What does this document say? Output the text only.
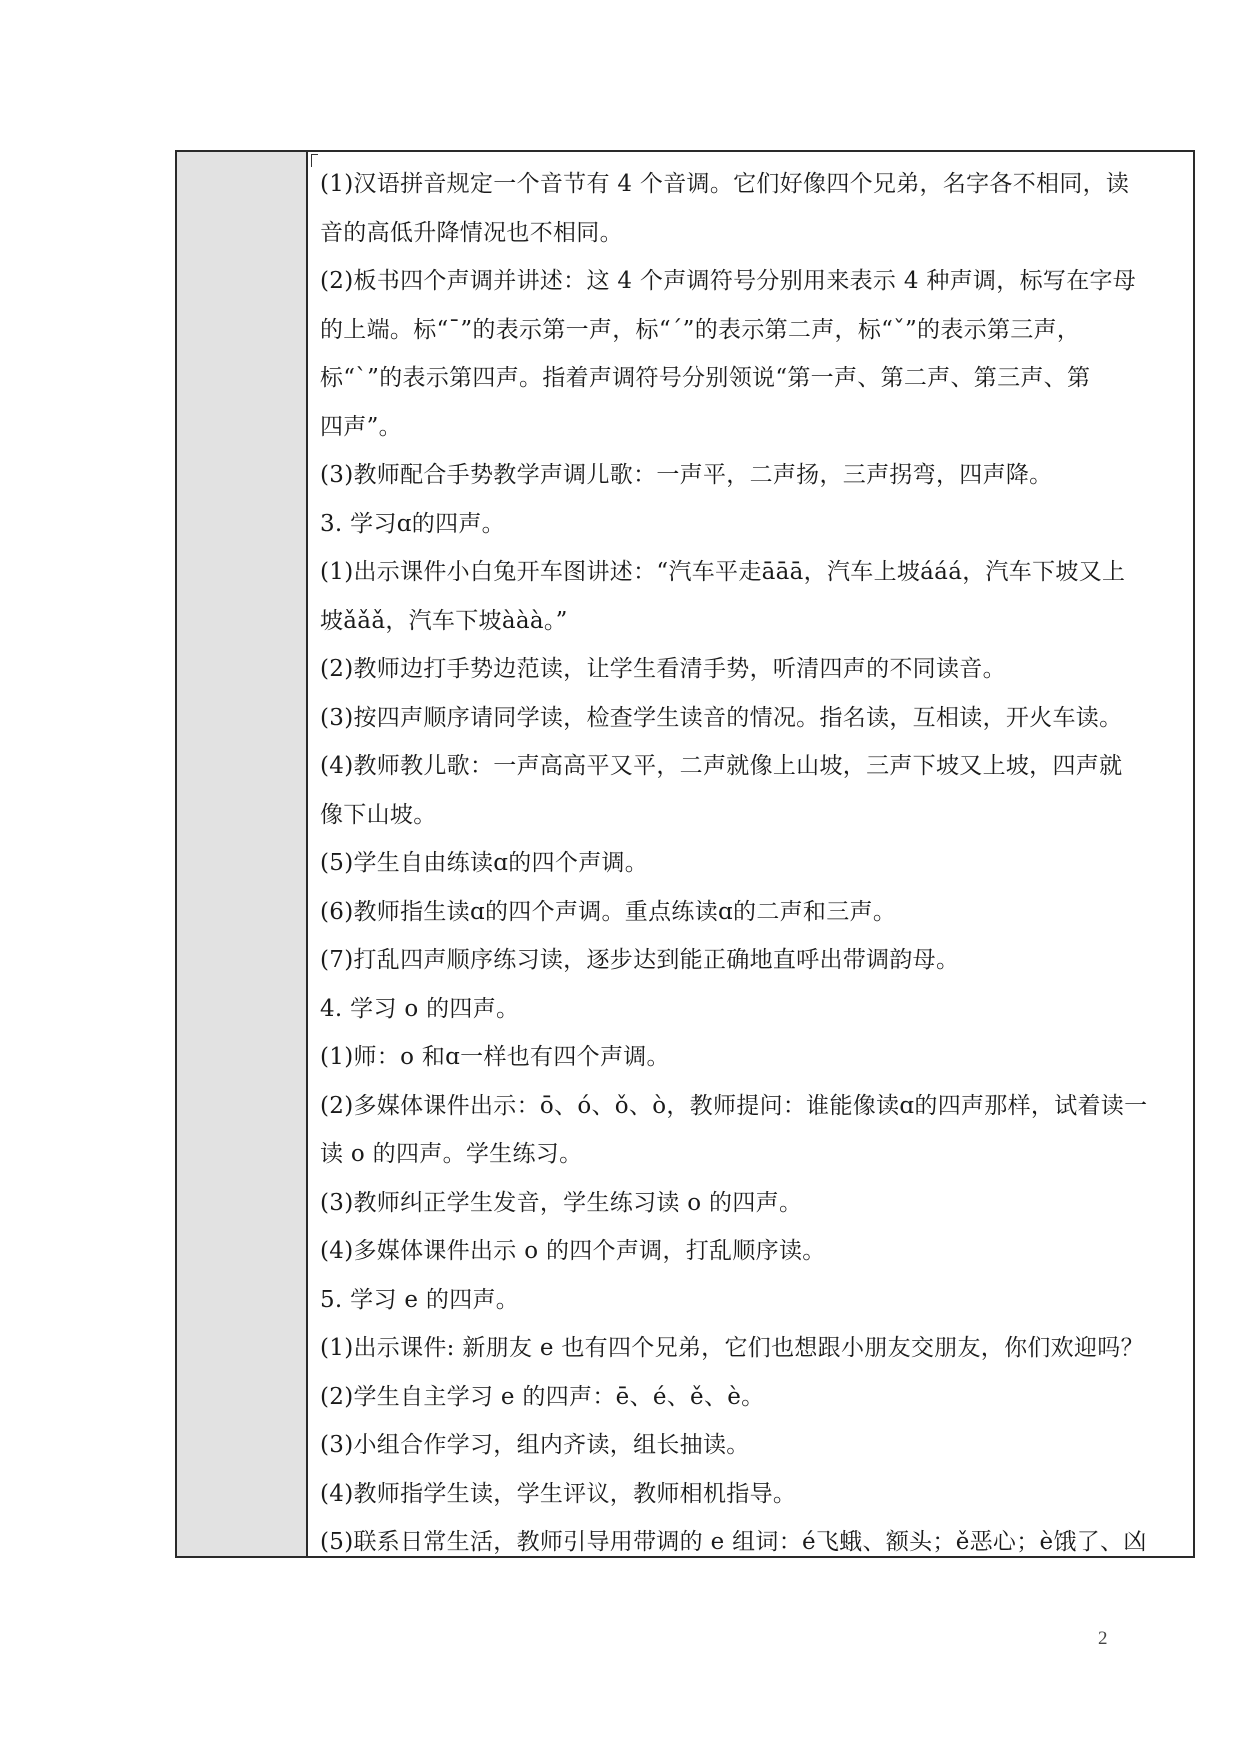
(1)汉语拼音规定一个音节有 4 个音调。它们好像四个兄弟，名字各不相同，读
音的高低升降情况也不相同。
(2)板书四个声调并讲述：这 4 个声调符号分别用来表示 4 种声调，标写在字母
的上端。标“ˉ”的表示第一声，标“ˊ”的表示第二声，标“ˇ”的表示第三声，
标“ˋ”的表示第四声。指着声调符号分别领说“第一声、第二声、第三声、第
四声”。
(3)教师配合手势教学声调儿歌：一声平，二声扬，三声拐弯，四声降。
3. 学习ɑ的四声。
(1)出示课件小白兔开车图讲述：“汽车平走āāā，汽车上坡ááá，汽车下坡又上
坡ǎǎǎ，汽车下坡ààà。”
(2)教师边打手势边范读，让学生看清手势，听清四声的不同读音。
(3)按四声顺序请同学读，检查学生读音的情况。指名读，互相读，开火车读。
(4)教师教儿歌：一声高高平又平，二声就像上山坡，三声下坡又上坡，四声就
像下山坡。
(5)学生自由练读ɑ的四个声调。
(6)教师指生读ɑ的四个声调。重点练读ɑ的二声和三声。
(7)打乱四声顺序练习读，逐步达到能正确地直呼出带调韵母。
4. 学习 o 的四声。
(1)师：o 和ɑ一样也有四个声调。
(2)多媒体课件出示：ō、ó、ǒ、ò，教师提问：谁能像读ɑ的四声那样，试着读一
读 o 的四声。学生练习。
(3)教师纠正学生发音，学生练习读 o 的四声。
(4)多媒体课件出示 o 的四个声调，打乱顺序读。
5. 学习 e 的四声。
(1)出示课件: 新朋友 e 也有四个兄弟，它们也想跟小朋友交朋友，你们欢迎吗？
(2)学生自主学习 e 的四声：ē、é、ě、è。
(3)小组合作学习，组内齐读，组长抽读。
(4)教师指学生读，学生评议，教师相机指导。
(5)联系日常生活，教师引导用带调的 e 组词：é飞蛾、额头；ě恶心；è饿了、凶
2
